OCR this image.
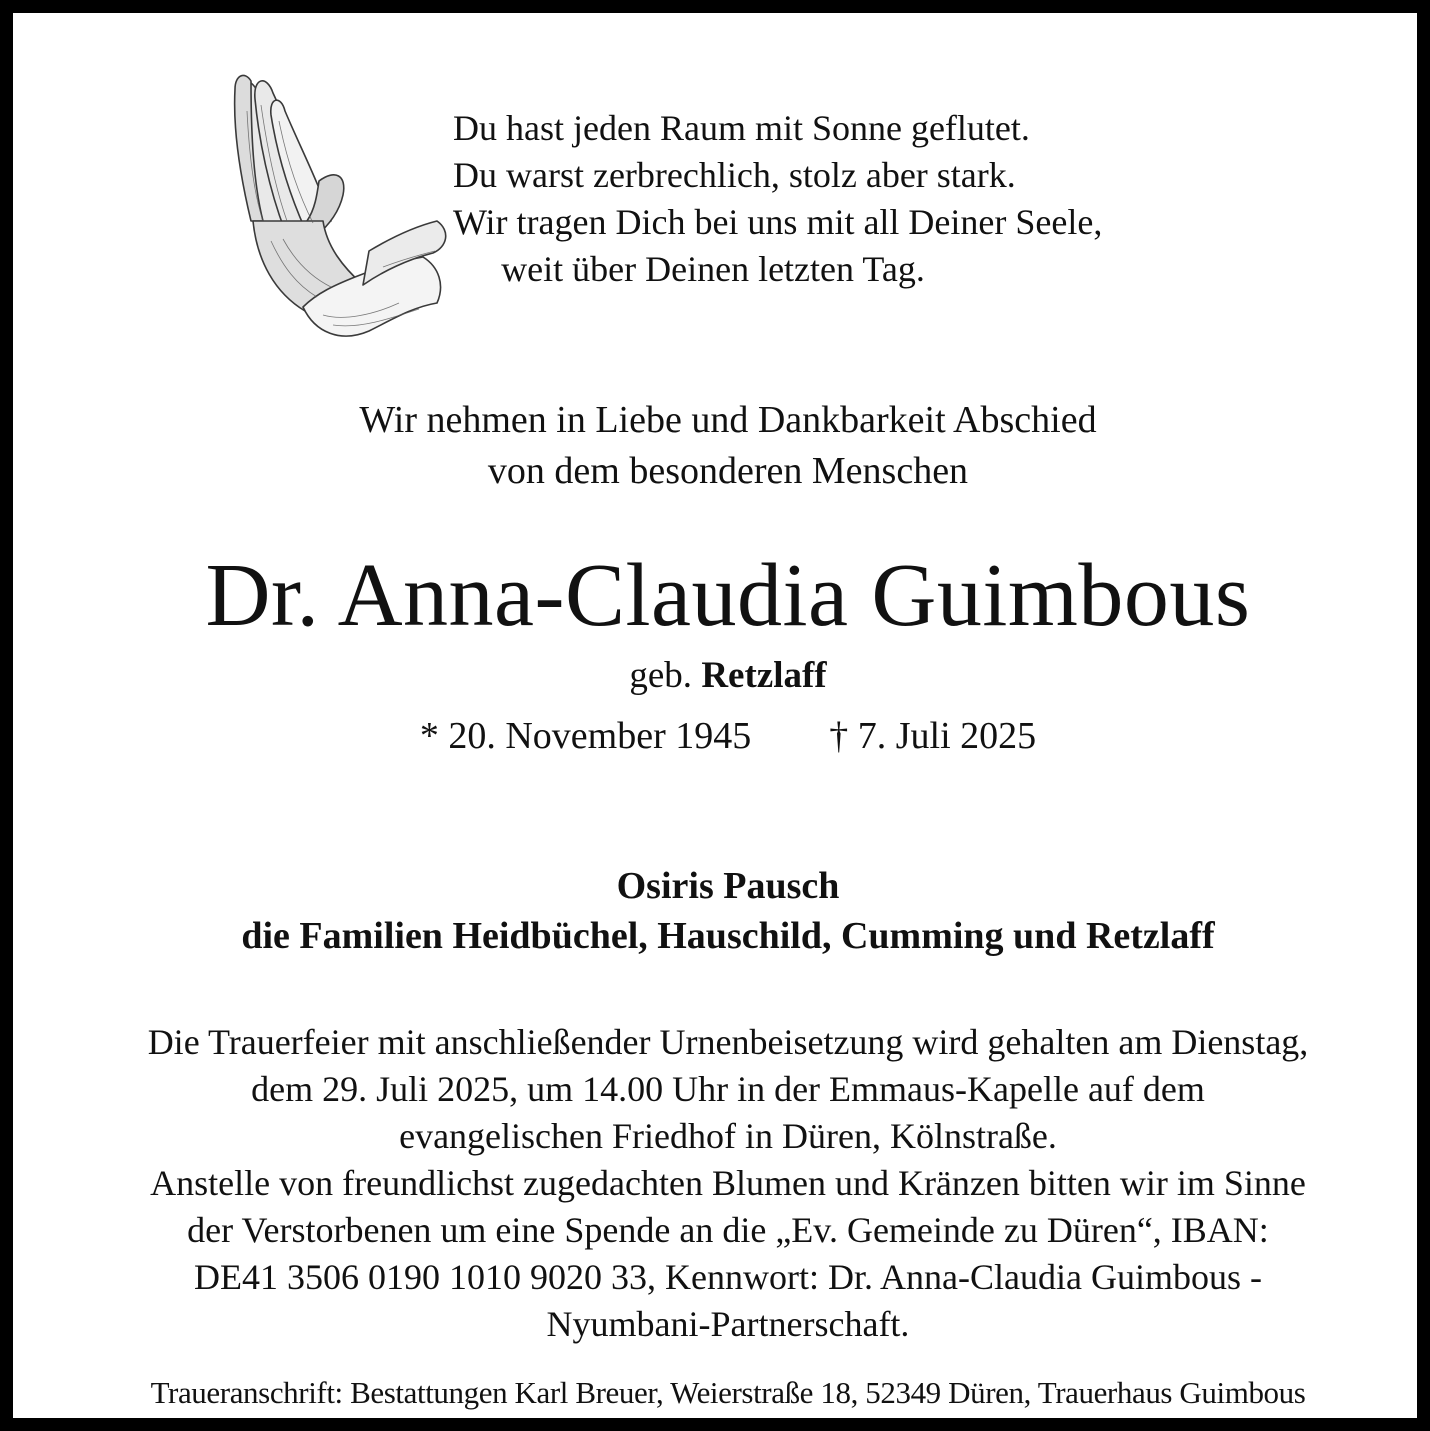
Du hast jeden Raum mit Sonne geflutet.
Du warst zerbrechlich, stolz aber stark.
Wir tragen Dich bei uns mit all Deiner Seele,
weit über Deinen letzten Tag.
Wir nehmen in Liebe und Dankbarkeit Abschied
von dem besonderen Menschen
Dr. Anna-Claudia Guimbous
geb. Retzlaff
* 20. November 1945 † 7. Juli 2025
Osiris Pausch
die Familien Heidbüchel, Hauschild, Cumming und Retzlaff
Die Trauerfeier mit anschließender Urnenbeisetzung wird gehalten am Dienstag,
dem 29. Juli 2025, um 14.00 Uhr in der Emmaus-Kapelle auf dem
evangelischen Friedhof in Düren, Kölnstraße.
Anstelle von freundlichst zugedachten Blumen und Kränzen bitten wir im Sinne
der Verstorbenen um eine Spende an die „Ev. Gemeinde zu Düren“, IBAN:
DE41 3506 0190 1010 9020 33, Kennwort: Dr. Anna-Claudia Guimbous -
Nyumbani-Partnerschaft.
Traueranschrift: Bestattungen Karl Breuer, Weierstraße 18, 52349 Düren, Trauerhaus Guimbous
